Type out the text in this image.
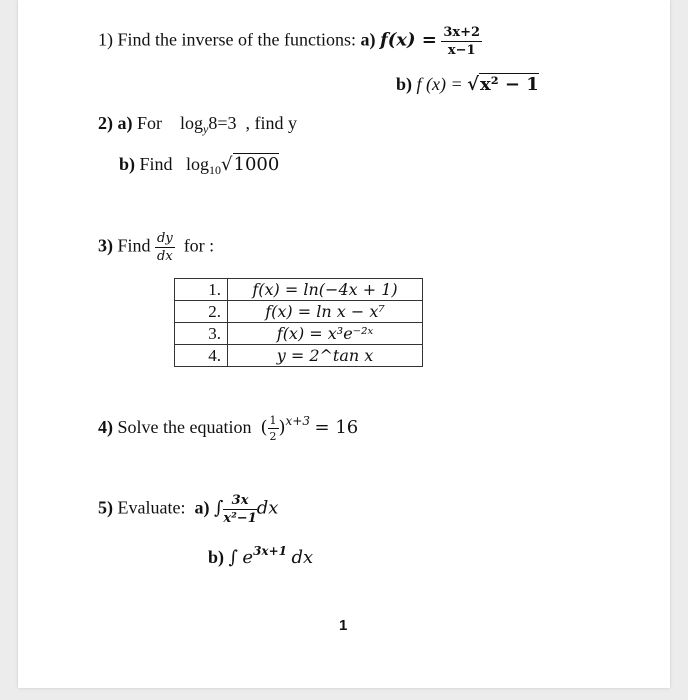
1) Find the inverse of the functions: a) $f(x) = \frac{3x+2}{x-1}$
b) f (x) = √x² − 1
2) a) For $\log_y8=3$ , find y
b) Find $\log_{10}√1000$
3) Find $\frac{dy}{dx}$ for :
1.	f(x) = ln(−4x + 1)
2.	f(x) = ln x − x⁷
3.	f(x) = x³e⁻²ˣ
4.	y = 2^tan x
4) Solve the equation ( $\frac{1}{2} )^{x+3} = 16$
5) Evaluate: a) ∫ $\frac{3x}{\text{x²−1}}$ dx
b) ∫ $e^{3x+1}$ dx
1
